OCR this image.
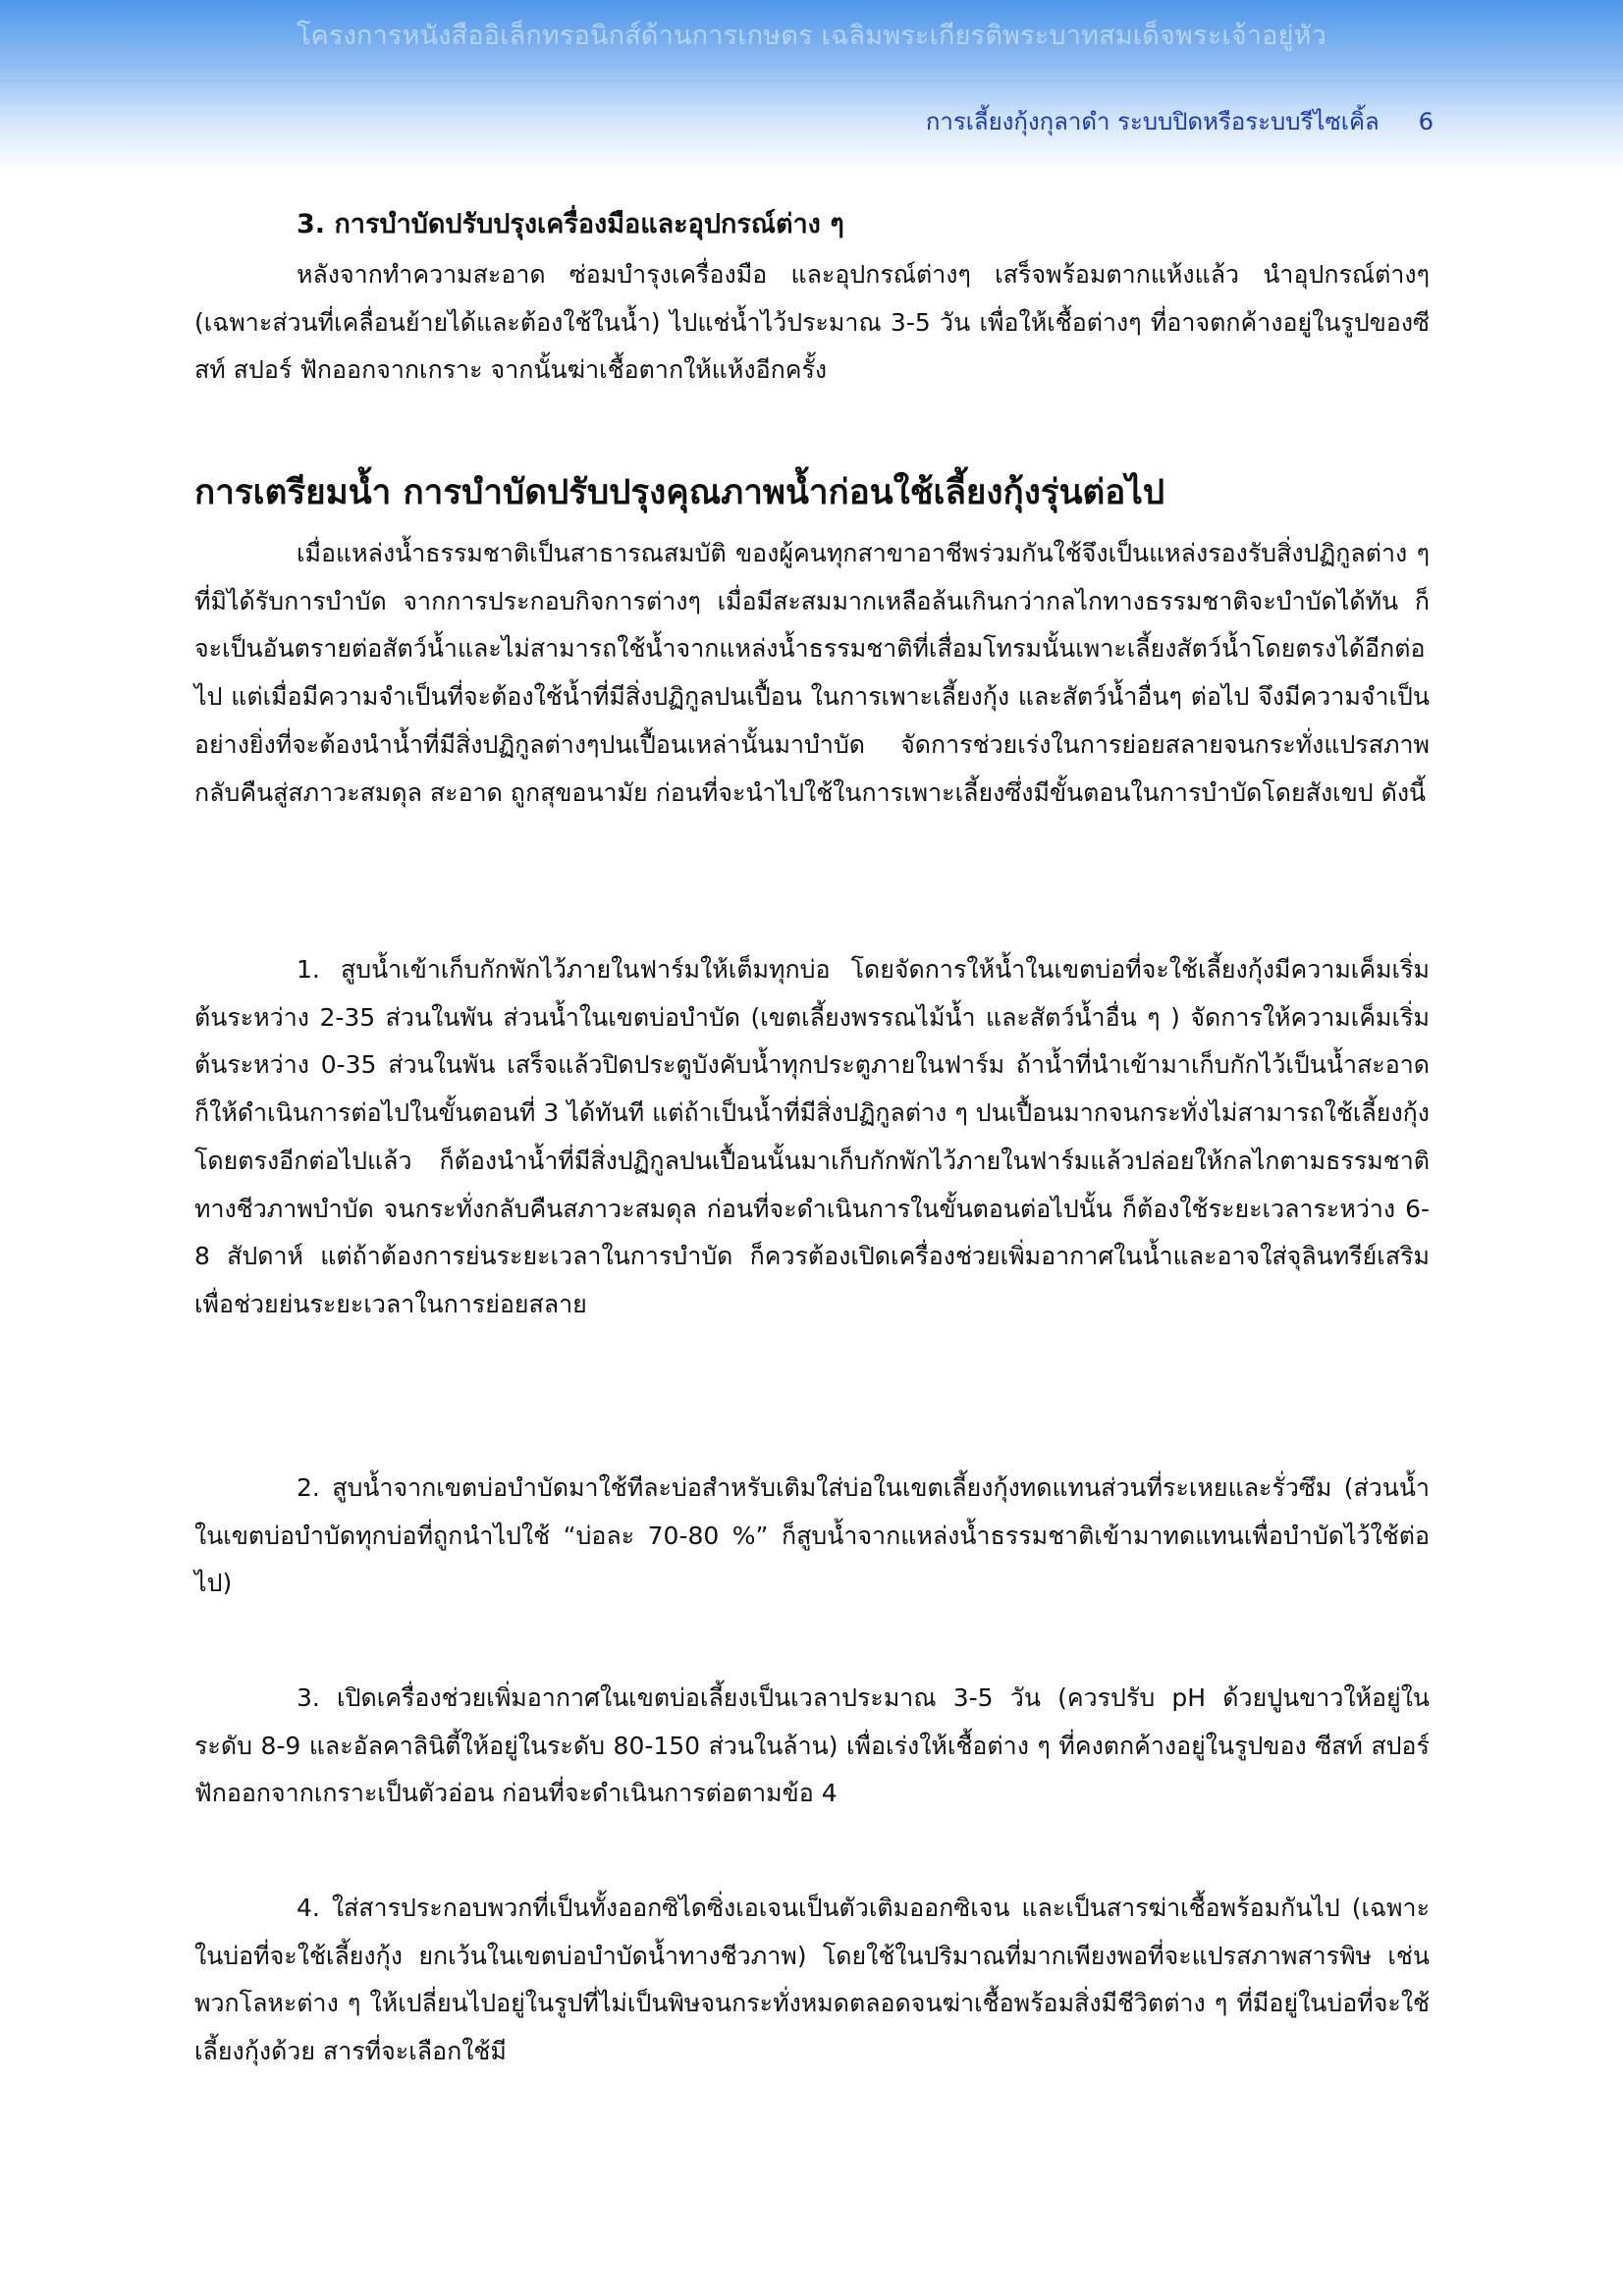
โครงการหนังสืออิเล็กทรอนิกส์ด้านการเกษตร เฉลิมพระเกียรติพระบาทสมเด็จพระเจ้าอยู่หัว
การเลี้ยงกุ้งกุลาดำ ระบบปิดหรือระบบรีไซเคิ้ล 6
3. การบำบัดปรับปรุงเครื่องมือและอุปกรณ์ต่าง ๆ

หลังจากทำความสะอาด ซ่อมบำรุงเครื่องมือ และอุปกรณ์ต่างๆ เสร็จพร้อมตากแห้งแล้ว นำอุปกรณ์ต่างๆ (เฉพาะส่วนที่เคลื่อนย้ายได้และต้องใช้ในน้ำ) ไปแช่น้ำไว้ประมาณ 3-5 วัน เพื่อให้เชื้อต่างๆ ที่อาจตกค้างอยู่ในรูปของซีสท์ สปอร์ ฟักออกจากเกราะ จากนั้นฆ่าเชื้อตากให้แห้งอีกครั้ง

การเตรียมน้ำ การบำบัดปรับปรุงคุณภาพน้ำก่อนใช้เลี้ยงกุ้งรุ่นต่อไป

เมื่อแหล่งน้ำธรรมชาติเป็นสาธารณสมบัติ ของผู้คนทุกสาขาอาชีพร่วมกันใช้จึงเป็นแหล่งรองรับสิ่งปฏิกูลต่าง ๆ ที่มิได้รับการบำบัด จากการประกอบกิจการต่างๆ เมื่อมีสะสมมากเหลือล้นเกินกว่ากลไกทางธรรมชาติจะบำบัดได้ทัน ก็จะเป็นอันตรายต่อสัตว์น้ำและไม่สามารถใช้น้ำจากแหล่งน้ำธรรมชาติที่เสื่อมโทรมนั้นเพาะเลี้ยงสัตว์น้ำโดยตรงได้อีกต่อไป แต่เมื่อมีความจำเป็นที่จะต้องใช้น้ำที่มีสิ่งปฏิกูลปนเปื้อน ในการเพาะเลี้ยงกุ้ง และสัตว์น้ำอื่นๆ ต่อไป จึงมีความจำเป็นอย่างยิ่งที่จะต้องนำน้ำที่มีสิ่งปฏิกูลต่างๆปนเปื้อนเหล่านั้นมาบำบัด จัดการช่วยเร่งในการย่อยสลายจนกระทั่งแปรสภาพกลับคืนสู่สภาวะสมดุล สะอาด ถูกสุขอนามัย ก่อนที่จะนำไปใช้ในการเพาะเลี้ยงซึ่งมีขั้นตอนในการบำบัดโดยสังเขป ดังนี้

1. สูบน้ำเข้าเก็บกักพักไว้ภายในฟาร์มให้เต็มทุกบ่อ โดยจัดการให้น้ำในเขตบ่อที่จะใช้เลี้ยงกุ้งมีความเค็มเริ่มต้นระหว่าง 2-35 ส่วนในพัน ส่วนน้ำในเขตบ่อบำบัด (เขตเลี้ยงพรรณไม้น้ำ และสัตว์น้ำอื่น ๆ ) จัดการให้ความเค็มเริ่มต้นระหว่าง 0-35 ส่วนในพัน เสร็จแล้วปิดประตูบังคับน้ำทุกประตูภายในฟาร์ม ถ้าน้ำที่นำเข้ามาเก็บกักไว้เป็นน้ำสะอาด ก็ให้ดำเนินการต่อไปในขั้นตอนที่ 3 ได้ทันที แต่ถ้าเป็นน้ำที่มีสิ่งปฏิกูลต่าง ๆ ปนเปื้อนมากจนกระทั่งไม่สามารถใช้เลี้ยงกุ้งโดยตรงอีกต่อไปแล้ว ก็ต้องนำน้ำที่มีสิ่งปฏิกูลปนเปื้อนนั้นมาเก็บกักพักไว้ภายในฟาร์มแล้วปล่อยให้กลไกตามธรรมชาติทางชีวภาพบำบัด จนกระทั่งกลับคืนสภาวะสมดุล ก่อนที่จะดำเนินการในขั้นตอนต่อไปนั้น ก็ต้องใช้ระยะเวลาระหว่าง 6-8 สัปดาห์ แต่ถ้าต้องการย่นระยะเวลาในการบำบัด ก็ควรต้องเปิดเครื่องช่วยเพิ่มอากาศในน้ำและอาจใส่จุลินทรีย์เสริมเพื่อช่วยย่นระยะเวลาในการย่อยสลาย

2. สูบน้ำจากเขตบ่อบำบัดมาใช้ทีละบ่อสำหรับเติมใส่บ่อในเขตเลี้ยงกุ้งทดแทนส่วนที่ระเหยและรั่วซึม (ส่วนน้ำในเขตบ่อบำบัดทุกบ่อที่ถูกนำไปใช้ “บ่อละ 70-80 %” ก็สูบน้ำจากแหล่งน้ำธรรมชาติเข้ามาทดแทนเพื่อบำบัดไว้ใช้ต่อไป)

3. เปิดเครื่องช่วยเพิ่มอากาศในเขตบ่อเลี้ยงเป็นเวลาประมาณ 3-5 วัน (ควรปรับ pH ด้วยปูนขาวให้อยู่ในระดับ 8-9 และอัลคาลินิตี้ให้อยู่ในระดับ 80-150 ส่วนในล้าน) เพื่อเร่งให้เชื้อต่าง ๆ ที่คงตกค้างอยู่ในรูปของ ซีสท์ สปอร์ ฟักออกจากเกราะเป็นตัวอ่อน ก่อนที่จะดำเนินการต่อตามข้อ 4

4. ใส่สารประกอบพวกที่เป็นทั้งออกซิไดซิ่งเอเจนเป็นตัวเติมออกซิเจน และเป็นสารฆ่าเชื้อพร้อมกันไป (เฉพาะในบ่อที่จะใช้เลี้ยงกุ้ง ยกเว้นในเขตบ่อบำบัดน้ำทางชีวภาพ) โดยใช้ในปริมาณที่มากเพียงพอที่จะแปรสภาพสารพิษ เช่น พวกโลหะต่าง ๆ ให้เปลี่ยนไปอยู่ในรูปที่ไม่เป็นพิษจนกระทั่งหมดตลอดจนฆ่าเชื้อพร้อมสิ่งมีชีวิตต่าง ๆ ที่มีอยู่ในบ่อที่จะใช้เลี้ยงกุ้งด้วย สารที่จะเลือกใช้มี
